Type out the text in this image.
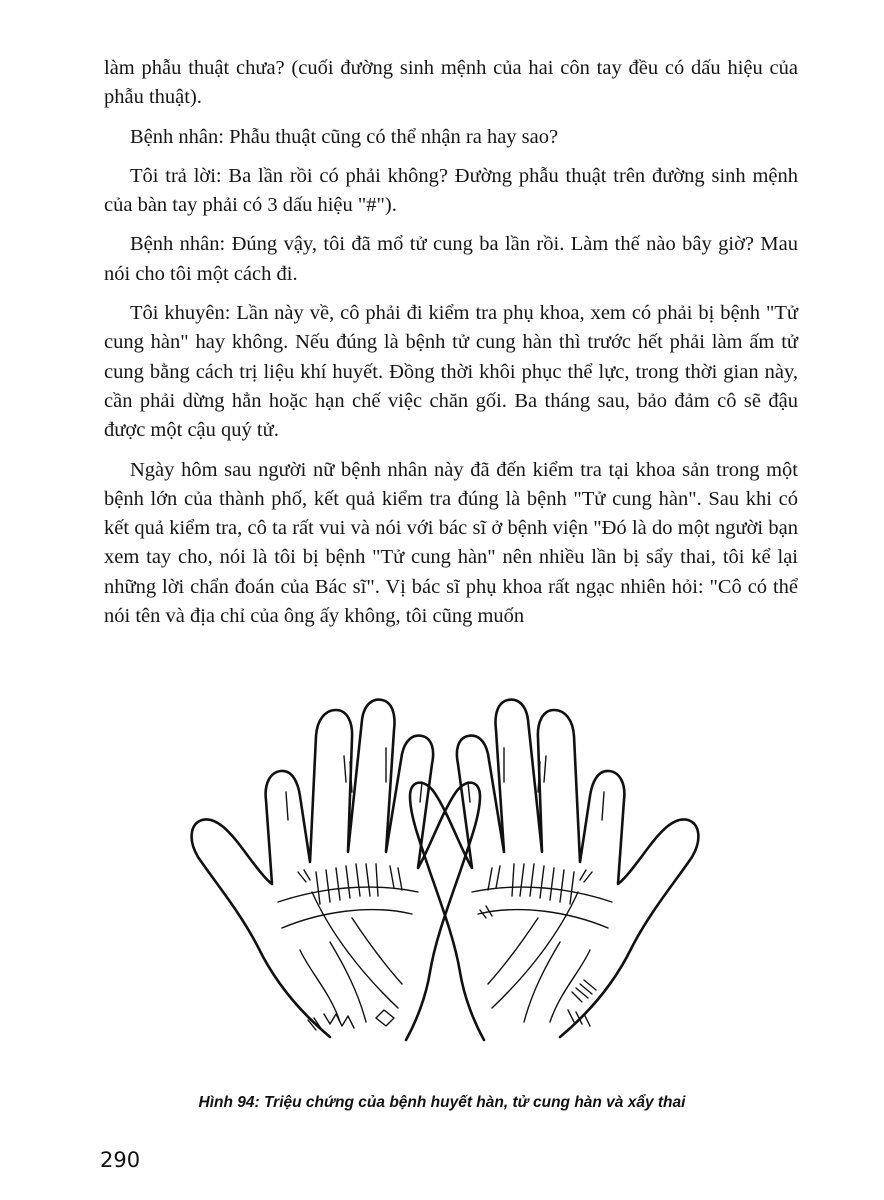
làm phẫu thuật chưa? (cuối đường sinh mệnh của hai côn tay đều có dấu hiệu của phẫu thuật).

Bệnh nhân: Phẫu thuật cũng có thể nhận ra hay sao?

Tôi trả lời: Ba lần rồi có phải không? Đường phẫu thuật trên đường sinh mệnh của bàn tay phải có 3 dấu hiệu "#").

Bệnh nhân: Đúng vậy, tôi đã mổ tử cung ba lần rồi. Làm thế nào bây giờ? Mau nói cho tôi một cách đi.

Tôi khuyên: Lần này về, cô phải đi kiểm tra phụ khoa, xem có phải bị bệnh "Tử cung hàn" hay không. Nếu đúng là bệnh tử cung hàn thì trước hết phải làm ấm tử cung bằng cách trị liệu khí huyết. Đồng thời khôi phục thể lực, trong thời gian này, cần phải dừng hẳn hoặc hạn chế việc chăn gối. Ba tháng sau, bảo đảm cô sẽ đậu được một cậu quý tử.

Ngày hôm sau người nữ bệnh nhân này đã đến kiểm tra tại khoa sản trong một bệnh lớn của thành phố, kết quả kiểm tra đúng là bệnh "Tử cung hàn". Sau khi có kết quả kiểm tra, cô ta rất vui và nói với bác sĩ ở bệnh viện "Đó là do một người bạn xem tay cho, nói là tôi bị bệnh "Tử cung hàn" nên nhiều lần bị sẩy thai, tôi kể lại những lời chẩn đoán của Bác sĩ". Vị bác sĩ phụ khoa rất ngạc nhiên hỏi: "Cô có thể nói tên và địa chỉ của ông ấy không, tôi cũng muốn

Hình 94: Triệu chứng của bệnh huyết hàn, tử cung hàn và xẩy thai
290
